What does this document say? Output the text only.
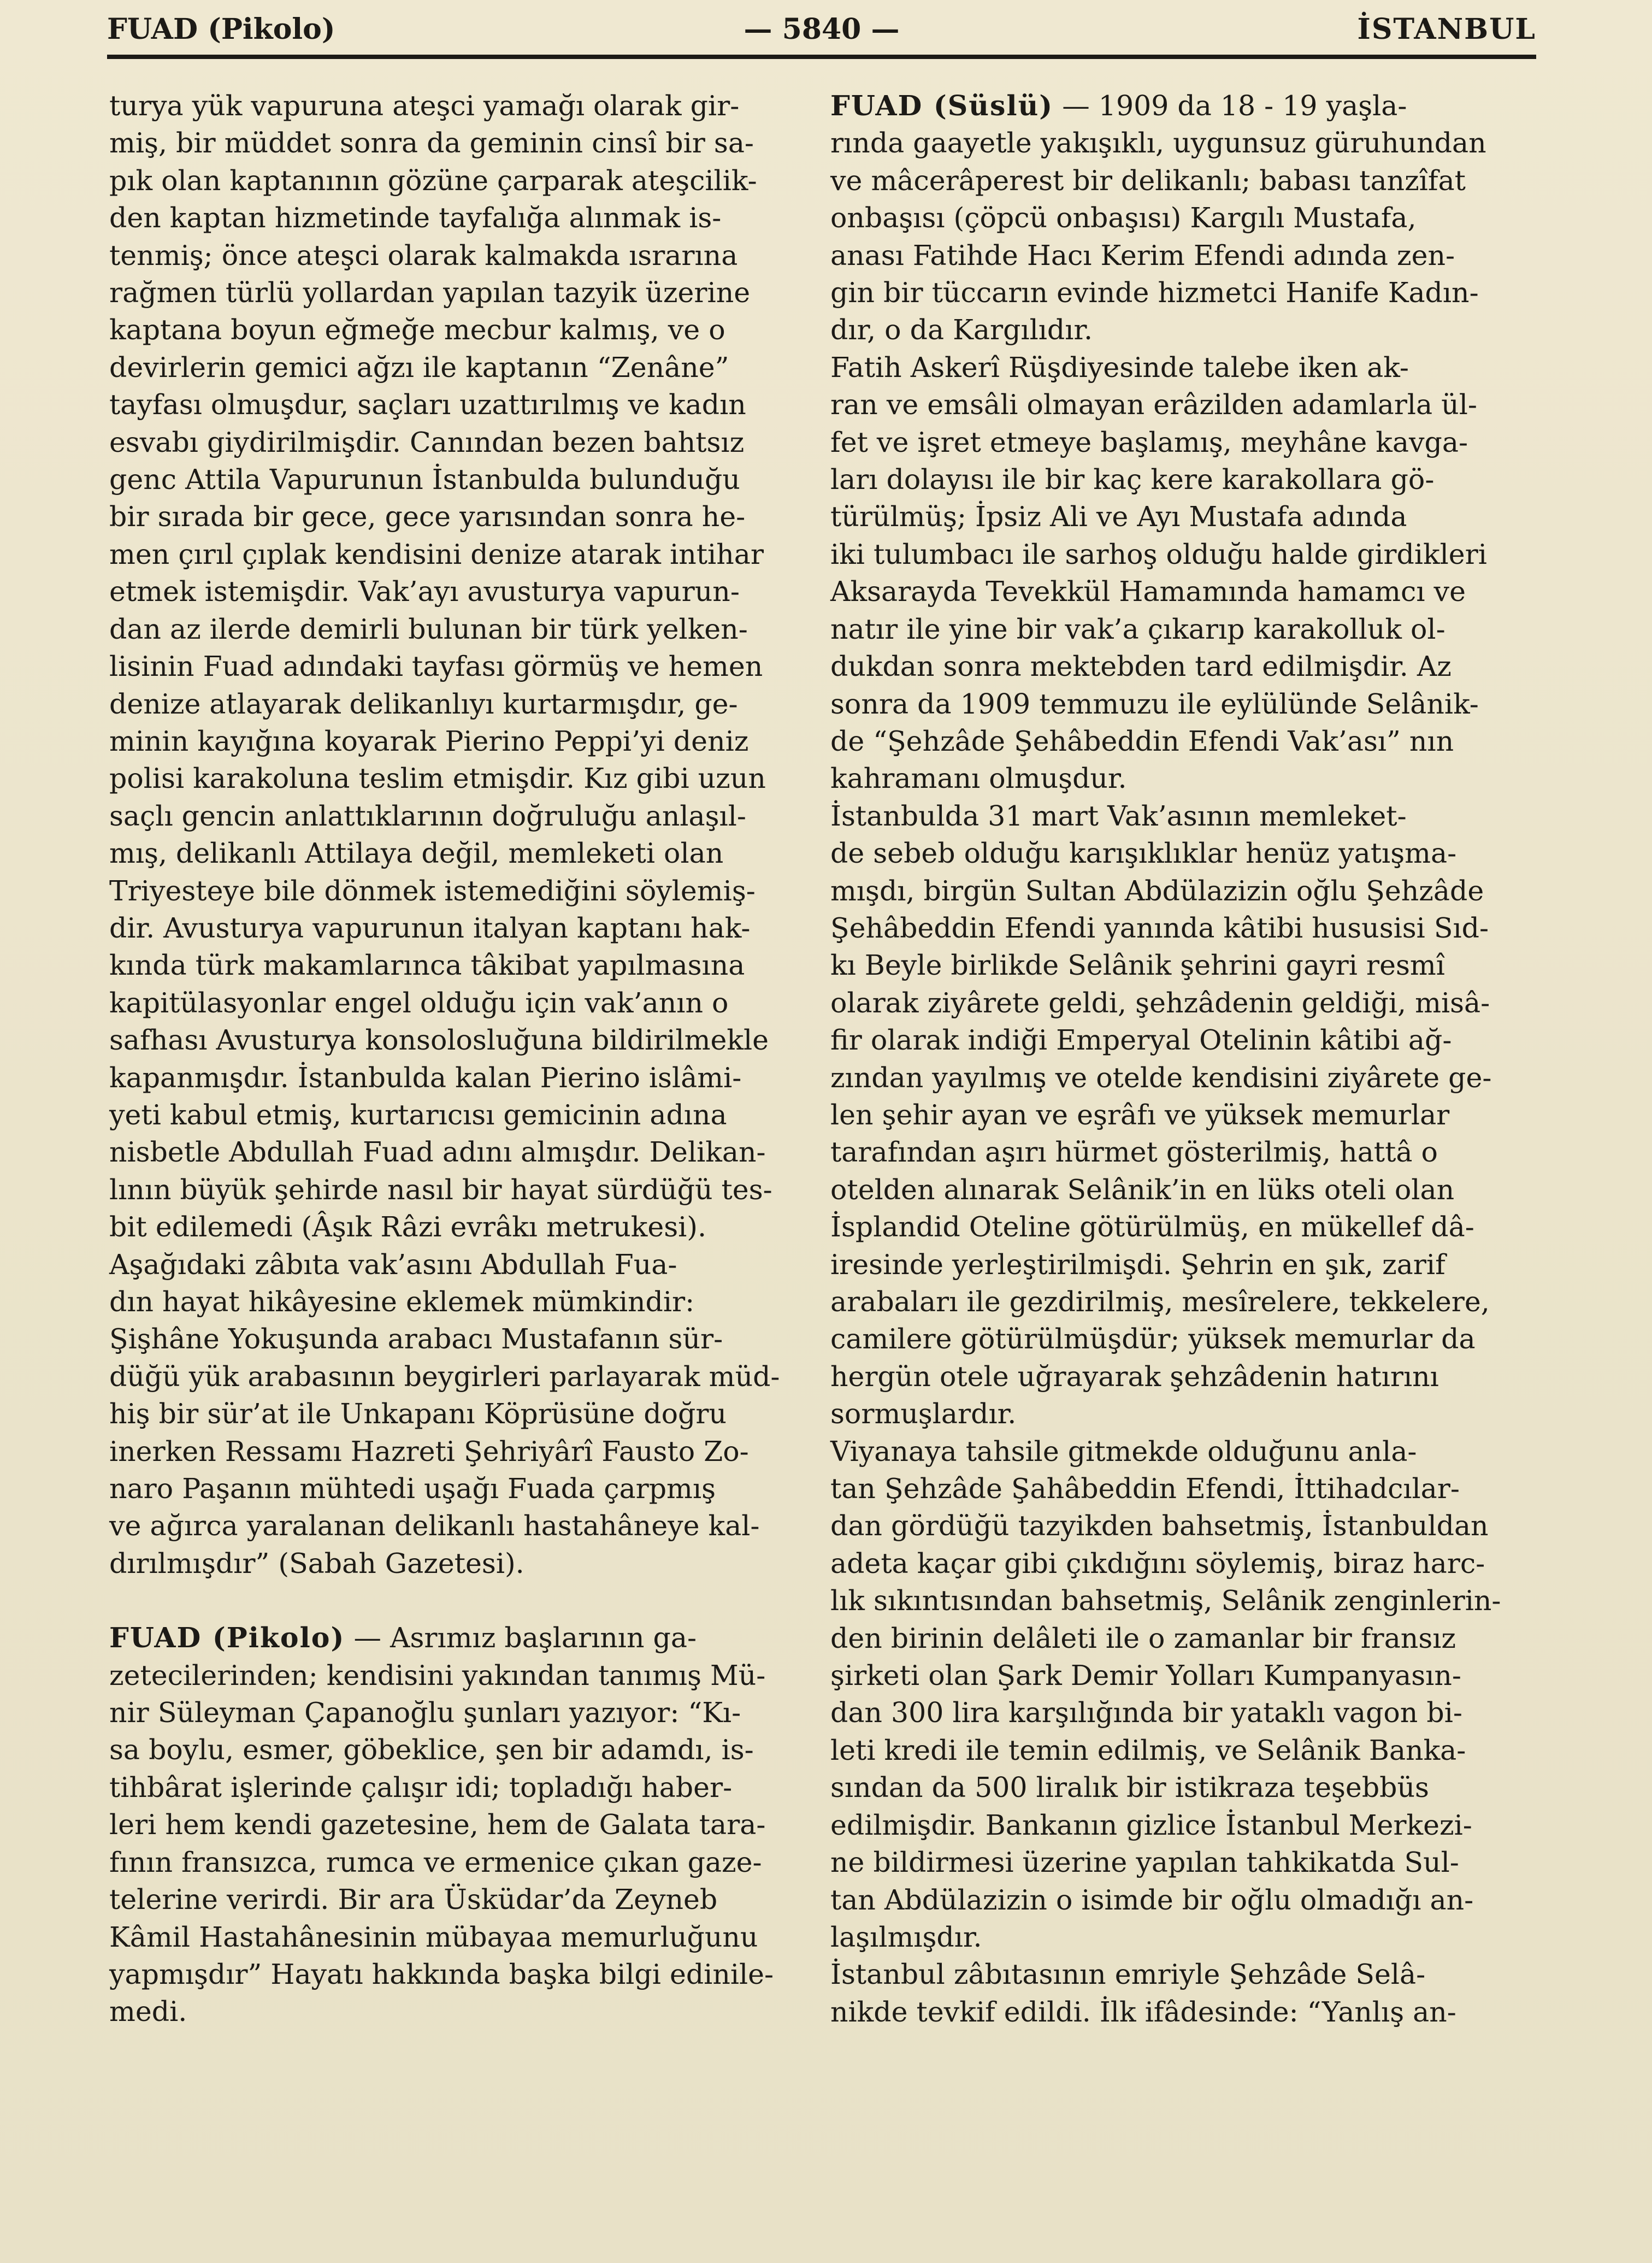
FUAD (Pikolo)	— 5840 —	İSTANBUL

turya yük vapuruna ateşci yamağı olarak gir-
miş, bir müddet sonra da geminin cinsî bir sa-
pık olan kaptanının gözüne çarparak ateşcilik-
den kaptan hizmetinde tayfalığa alınmak is-
tenmiş; önce ateşci olarak kalmakda ısrarına
rağmen türlü yollardan yapılan tazyik üzerine
kaptana boyun eğmeğe mecbur kalmış, ve o
devirlerin gemici ağzı ile kaptanın “Zenâne”
tayfası olmuşdur, saçları uzattırılmış ve kadın
esvabı giydirilmişdir. Canından bezen bahtsız
genc Attila Vapurunun İstanbulda bulunduğu
bir sırada bir gece, gece yarısından sonra he-
men çırıl çıplak kendisini denize atarak intihar
etmek istemişdir. Vak’ayı avusturya vapurun-
dan az ilerde demirli bulunan bir türk yelken-
lisinin Fuad adındaki tayfası görmüş ve hemen
denize atlayarak delikanlıyı kurtarmışdır, ge-
minin kayığına koyarak Pierino Peppi’yi deniz
polisi karakoluna teslim etmişdir. Kız gibi uzun
saçlı gencin anlattıklarının doğruluğu anlaşıl-
mış, delikanlı Attilaya değil, memleketi olan
Triyesteye bile dönmek istemediğini söylemiş-
dir. Avusturya vapurunun italyan kaptanı hak-
kında türk makamlarınca tâkibat yapılmasına
kapitülasyonlar engel olduğu için vak’anın o
safhası Avusturya konsolosluğuna bildirilmekle
kapanmışdır. İstanbulda kalan Pierino islâmi-
yeti kabul etmiş, kurtarıcısı gemicinin adına
nisbetle Abdullah Fuad adını almışdır. Delikan-
lının büyük şehirde nasıl bir hayat sürdüğü tes-
bit edilemedi (Âşık Râzi evrâkı metrukesi).

Aşağıdaki zâbıta vak’asını Abdullah Fua-
dın hayat hikâyesine eklemek mümkindir:
Şişhâne Yokuşunda arabacı Mustafanın sür-
düğü yük arabasının beygirleri parlayarak müd-
hiş bir sür’at ile Unkapanı Köprüsüne doğru
inerken Ressamı Hazreti Şehriyârî Fausto Zo-
naro Paşanın mühtedi uşağı Fuada çarpmış
ve ağırca yaralanan delikanlı hastahâneye kal-
dırılmışdır” (Sabah Gazetesi).

FUAD (Pikolo) — Asrımız başlarının ga-
zetecilerinden; kendisini yakından tanımış Mü-
nir Süleyman Çapanoğlu şunları yazıyor: “Kı-
sa boylu, esmer, göbeklice, şen bir adamdı, is-
tihbârat işlerinde çalışır idi; topladığı haber-
leri hem kendi gazetesine, hem de Galata tara-
fının fransızca, rumca ve ermenice çıkan gaze-
telerine verirdi. Bir ara Üsküdar’da Zeyneb
Kâmil Hastahânesinin mübayaa memurluğunu
yapmışdır” Hayatı hakkında başka bilgi edinile-
medi.

FUAD (Süslü) — 1909 da 18 - 19 yaşla-
rında gaayetle yakışıklı, uygunsuz güruhundan
ve mâcerâperest bir delikanlı; babası tanzîfat
onbaşısı (çöpcü onbaşısı) Kargılı Mustafa,
anası Fatihde Hacı Kerim Efendi adında zen-
gin bir tüccarın evinde hizmetci Hanife Kadın-
dır, o da Kargılıdır.

Fatih Askerî Rüşdiyesinde talebe iken ak-
ran ve emsâli olmayan erâzilden adamlarla ül-
fet ve işret etmeye başlamış, meyhâne kavga-
ları dolayısı ile bir kaç kere karakollara gö-
türülmüş; İpsiz Ali ve Ayı Mustafa adında
iki tulumbacı ile sarhoş olduğu halde girdikleri
Aksarayda Tevekkül Hamamında hamamcı ve
natır ile yine bir vak’a çıkarıp karakolluk ol-
dukdan sonra mektebden tard edilmişdir. Az
sonra da 1909 temmuzu ile eylülünde Selânik-
de “Şehzâde Şehâbeddin Efendi Vak’ası” nın
kahramanı olmuşdur.

İstanbulda 31 mart Vak’asının memleket-
de sebeb olduğu karışıklıklar henüz yatışma-
mışdı, birgün Sultan Abdülazizin oğlu Şehzâde
Şehâbeddin Efendi yanında kâtibi hususisi Sıd-
kı Beyle birlikde Selânik şehrini gayri resmî
olarak ziyârete geldi, şehzâdenin geldiği, misâ-
fir olarak indiği Emperyal Otelinin kâtibi ağ-
zından yayılmış ve otelde kendisini ziyârete ge-
len şehir ayan ve eşrâfı ve yüksek memurlar
tarafından aşırı hürmet gösterilmiş, hattâ o
otelden alınarak Selânik’in en lüks oteli olan
İsplandid Oteline götürülmüş, en mükellef dâ-
iresinde yerleştirilmişdi. Şehrin en şık, zarif
arabaları ile gezdirilmiş, mesîrelere, tekkelere,
camilere götürülmüşdür; yüksek memurlar da
hergün otele uğrayarak şehzâdenin hatırını
sormuşlardır.

Viyanaya tahsile gitmekde olduğunu anla-
tan Şehzâde Şahâbeddin Efendi, İttihadcılar-
dan gördüğü tazyikden bahsetmiş, İstanbuldan
adeta kaçar gibi çıkdığını söylemiş, biraz harc-
lık sıkıntısından bahsetmiş, Selânik zenginlerin-
den birinin delâleti ile o zamanlar bir fransız
şirketi olan Şark Demir Yolları Kumpanyasın-
dan 300 lira karşılığında bir yataklı vagon bi-
leti kredi ile temin edilmiş, ve Selânik Banka-
sından da 500 liralık bir istikraza teşebbüs
edilmişdir. Bankanın gizlice İstanbul Merkezi-
ne bildirmesi üzerine yapılan tahkikatda Sul-
tan Abdülazizin o isimde bir oğlu olmadığı an-
laşılmışdır.

İstanbul zâbıtasının emriyle Şehzâde Selâ-
nikde tevkif edildi. İlk ifâdesinde: “Yanlış an-
